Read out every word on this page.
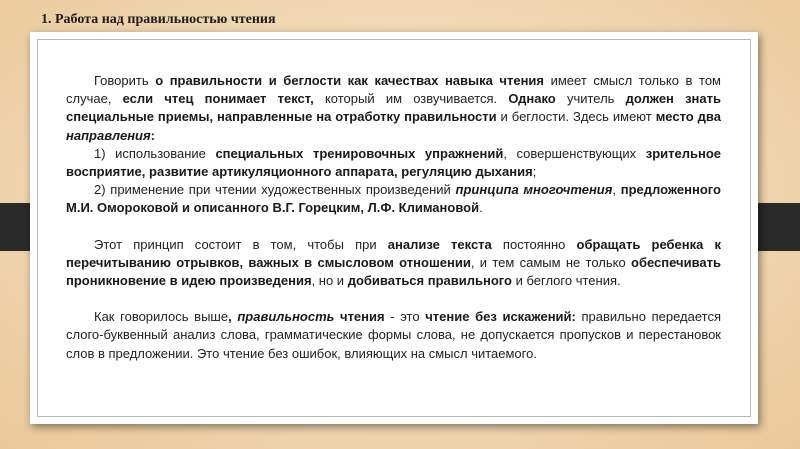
1. Работа над правильностью чтения

Говорить о правильности и беглости как качествах навыка чтения имеет смысл только в том случае, если чтец понимает текст, который им озвучивается. Однако учитель должен знать специальные приемы, направленные на отработку правильности и беглости. Здесь имеют место два направления:

1) использование специальных тренировочных упражнений, совершенствующих зрительное восприятие, развитие артикуляционного аппарата, регуляцию дыхания;

2) применение при чтении художественных произведений принципа многочтения, предложенного М.И. Омороковой и описанного В.Г. Горецким, Л.Ф. Климановой.

Этот принцип состоит в том, чтобы при анализе текста постоянно обращать ребенка к перечитыванию отрывков, важных в смысловом отношении, и тем самым не только обеспечивать проникновение в идею произведения, но и добиваться правильного и беглого чтения.

Как говорилось выше, правильность чтения - это чтение без искажений: правильно передается слого-буквенный анализ слова, грамматические формы слова, не допускается пропусков и перестановок слов в предложении. Это чтение без ошибок, влияющих на смысл читаемого.
